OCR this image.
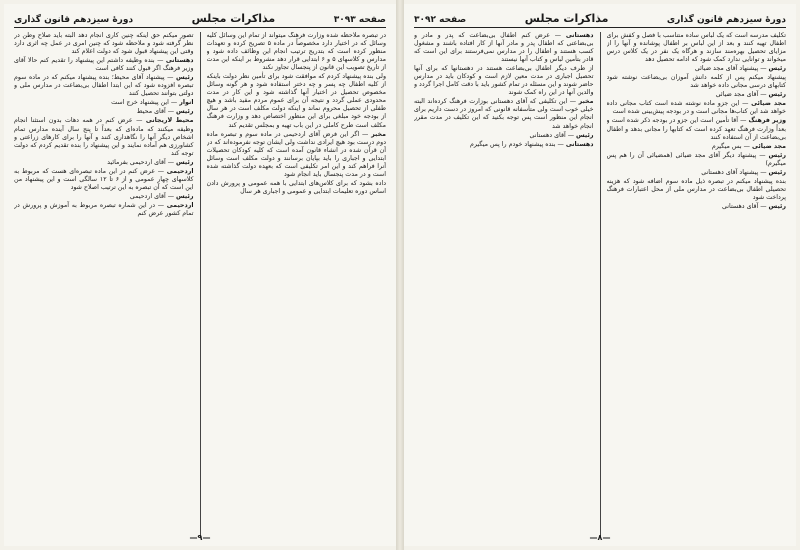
صفحه ۳۰۹۳
مذاکرات مجلس
دورهٔ سیزدهم قانون گذاری

در تبصره ملاحظه شده وزارت فرهنگ میتواند از تمام این وسائل کلیه وسائل که در اختیار دارد مخصوصاً در ماده ۵ تصریح کرده و تعهدات منظور کرده است که بتدریج ترتیب انجام این وظائف داده شود و مدارس و کلاسهای ۵ و ۶ ابتدایی قرار دهد مشروط بر اینکه این مدت از تاریخ تصویب این قانون از پنجسال تجاوز نکند

ولی بنده پیشنهاد کردم که موافقت شود برای تأمین نظر دولت باینکه از کلیه اطفال چه پسر و چه دختر استفاده شود و هر گونه وسائل مخصوص تحصیل در اختیار آنها گذاشته شود و این کار در مدت محدودی عملی گردد و نتیجه آن برای عموم مردم مفید باشد و هیچ طفلی از تحصیل محروم نماند و اینکه دولت مکلف است در هر سال از بودجه خود مبلغی برای این منظور اختصاص دهد و وزارت فرهنگ مکلف است طرح کاملی در این باب تهیه و بمجلس تقدیم کند

مخبر — اگر این فرض آقای اردحیمی در ماده سوم و تبصره ماده دوم درست بود هیچ ایرادی نداشت ولی ایشان توجه نفرموده‌اند که در آن قرآن شده در انشاء قانون آمده است که کلیه کودکان تحصیلات ابتدایی و اجباری را باید بپایان برسانند و دولت مکلف است وسائل آنرا فراهم کند و این امر تکلیفی است که بعهده دولت گذاشته شده است و در مدت پنجسال باید انجام شود

داده بشود که برای کلاس‌های ابتدایی با همه عمومی و پرورش دادن اساس دوره تعلیمات ابتدایی و عمومی و اجباری هر سال

تصور میکنم حق اینکه چنین کاری انجام دهد البته باید صلاح وطن در نظر گرفته شود و ملاحظه شود که چنین امری در عمل چه اثری دارد وقتی این پیشنهاد قبول شود که دولت اعلام کند

دهستانی — بنده وظیفه داشتم این پیشنهاد را تقدیم کنم حالا آقای وزیر فرهنگ اگر قبول کنند کافی است

رئیس — پیشنهاد آقای محیط؛ بنده پیشنهاد میکنم که در ماده سوم تبصره افزوده شود که این ابتدا اطفال بی‌بضاعت در مدارس ملی و دولتی بتوانند تحصیل کنند

انوار — این پیشنهاد خرج است

رئیس — آقای محیط

محیط لاریجانی — عرض کنم در همه دهات بدون استثنا انجام وظیفه میکنند که ماده‌ای که بعداً تا پنج سال آینده مدارس تمام اشخاص دیگر آنها را نگاهداری کنند و آنها را برای کارهای زراعتی و کشاورزی هم آماده نمایند و این پیشنهاد را بنده تقدیم کردم که دولت توجه کند

رئیس — آقای اردحیمی بفرمائید

اردحیمی — عرض کنم در این ماده تبصره‌ای هست که مربوط به کلاسهای چهار عمومی و از ۶ تا ۱۲ سالگی است و این پیشنهاد من این است که آن تبصره به این ترتیب اصلاح شود

رئیس — آقای اردحیمی

اردحیمی — در این شماره تبصره مربوط به آموزش و پرورش در تمام کشور عرض کنم

—۹—
دورهٔ سیزدهم قانون گذاری
مذاکرات مجلس
صفحه ۳۰۹۲

تکلیف مدرسه است که یک لباس ساده متناسب با فصل و کفش برای اطفال تهیه کنند و بعد از این لباس بر اطفال پوشانده و آنها را از مزایای تحصیل بهره‌مند سازند و هرگاه یک نفر در یک کلاس درس میخواند و توانایی ندارد کمک شود که ادامه تحصیل دهد

رئیس — پیشنهاد آقای مجد ضیائی

پیشنهاد میکنم پس از کلمه دانش آموزان بی‌بضاعت نوشته شود کتابهای درسی مجانی داده خواهد شد

رئیس — آقای مجد ضیائی

مجد ضیائی — این جزو ماده نوشته شده است کتاب مجانی داده خواهد شد این کتاب‌ها مجانی است و در بودجه پیش‌بینی شده است

وزیر فرهنگ — آقا تأمین است این جزو در بودجه ذکر شده است و بعداً وزارت فرهنگ تعهد کرده است که کتابها را مجانی بدهد و اطفال بی‌بضاعت از آن استفاده کنند

مجد ضیائی — بس میگیرم

رئیس — پیشنهاد دیگر آقای مجد ضیائی (همضیائی آن را هم پس میگیرم)

رئیس — پیشنهاد آقای دهستانی

بنده پیشنهاد میکنم در تبصره ذیل ماده سوم اضافه شود که هزینه تحصیلی اطفال بی‌بضاعت در مدارس ملی از محل اعتبارات فرهنگ پرداخت شود

رئیس — آقای دهستانی

دهستانی — عرض کنم اطفال بی‌بضاعت که پدر و مادر و بی‌بضاعتی که اطفال پدر و مادر آنها از کار افتاده باشند و مشغول کسب هستند و اطفال را در مدارس نمی‌فرستند برای این است که قادر بتأمین لباس و کتاب آنها نیستند

از طرف دیگر اطفال بی‌بضاعت هستند در دهستانها که برای آنها تحصیل اجباری در مدت معین لازم است و کودکان باید در مدارس حاضر شوند و این مسئله در تمام کشور باید با دقت کامل اجرا گردد و والدین آنها در این راه کمک شوند

مخبر — این تکلیفی که آقای دهستانی بوزارت فرهنگ کرده‌اند البته خیلی خوب است ولی متأسفانه قانونی که امروز در دست داریم برای انجام این منظور است پس توجه بکنید که این تکلیف در مدت مقرر انجام خواهد شد

رئیس — آقای دهستانی

دهستانی — بنده پیشنهاد خودم را پس میگیرم

—۸—
